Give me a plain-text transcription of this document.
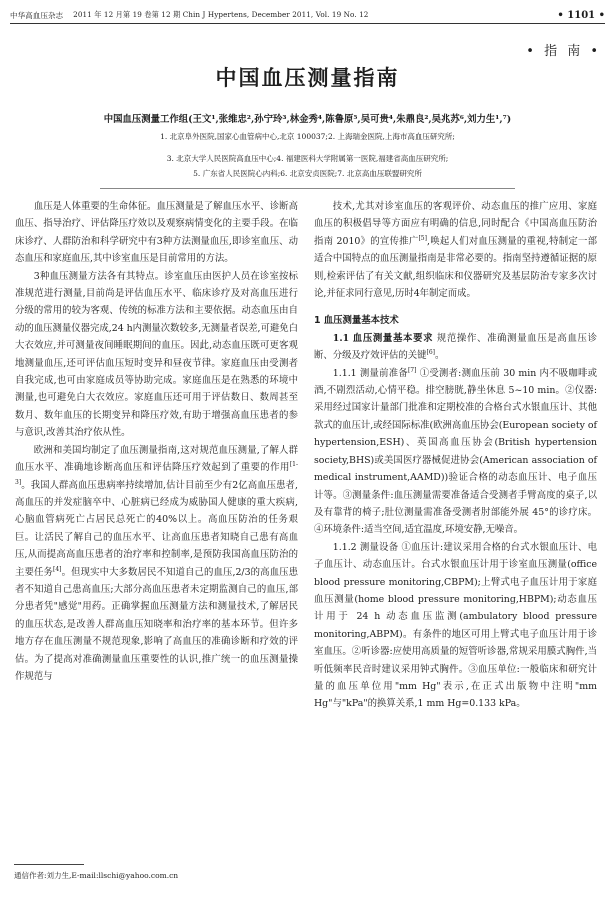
中华高血压杂志 2011 年 12 月第 19 卷第 12 期 Chin J Hypertens, December 2011, Vol. 19 No. 12	• 1101 •
• 指 南 •
中国血压测量指南
中国血压测量工作组(王文¹,张维忠²,孙宁玲³,林金秀⁴,陈鲁原⁵,吴可贵⁴,朱鼎良²,吴兆苏⁶,刘力生¹,⁷)
1. 北京阜外医院,国家心血管病中心,北京 100037;2. 上海瑞金医院,上海市高血压研究所;
3. 北京大学人民医院高血压中心;4. 福建医科大学附属第一医院,福建省高血压研究所;
5. 广东省人民医院心内科;6. 北京安贞医院;7. 北京高血压联盟研究所

血压是人体重要的生命体征。血压测量是了解血压水平、诊断高血压、指导治疗、评估降压疗效以及观察病情变化的主要手段。在临床诊疗、人群防治和科学研究中有3种方法测量血压,即诊室血压、动态血压和家庭血压,其中诊室血压是目前常用的方法。

3种血压测量方法各有其特点。诊室血压由医护人员在诊室按标准规范进行测量,目前尚是评估血压水平、临床诊疗及对高血压进行分级的常用的较为客观、传统的标准方法和主要依据。动态血压由自动的血压测量仪器完成,24 h内测量次数较多,无测量者误差,可避免白大衣效应,并可测量夜间睡眠期间的血压。因此,动态血压既可更客观地测量血压,还可评估血压短时变异和昼夜节律。家庭血压由受测者自我完成,也可由家庭成员等协助完成。家庭血压是在熟悉的环境中测量,也可避免白大衣效应。家庭血压还可用于评估数日、数周甚至数月、数年血压的长期变异和降压疗效,有助于增强高血压患者的参与意识,改善其治疗依从性。

欧洲和美国均制定了血压测量指南,这对规范血压测量,了解人群血压水平、准确地诊断高血压和评估降压疗效起到了重要的作用[1-3]。我国人群高血压患病率持续增加,估计目前至少有2亿高血压患者,高血压的并发症脑卒中、心脏病已经成为威胁国人健康的重大疾病,心脑血管病死亡占居民总死亡的40%以上。高血压防治的任务艰巨。让活民了解自己的血压水平、让高血压患者知晓自己患有高血压,从而提高高血压患者的治疗率和控制率,是预防我国高血压防治的主要任务[4]。但现实中大多数居民不知道自己的血压,2/3的高血压患者不知道自己患高血压;大部分高血压患者未定期监测自己的血压,部分患者凭"感觉"用药。正确掌握血压测量方法和测量技术,了解居民的血压状态,是改善人群高血压知晓率和治疗率的基本环节。但许多地方存在血压测量不规范现象,影响了高血压的准确诊断和疗效的评估。为了提高对准确测量血压重要性的认识,推广统一的血压测量操作规范与

技术,尤其对诊室血压的客观评价、动态血压的推广应用、家庭血压的积极倡导等方面应有明确的信息,同时配合《中国高血压防治指南 2010》的宣传推广[5],唤起人们对血压测量的重视,特制定一部适合中国特点的血压测量指南是非常必要的。指南坚持遵循证据的原则,检索评估了有关文献,组织临床和仪器研究及基层防治专家多次讨论,并征求同行意见,历时4年制定而成。

1 血压测量基本技术

1.1 血压测量基本要求 规范操作、准确测量血压是高血压诊断、分级及疗效评估的关键[6]。

1.1.1 测量前准备[7] ①受测者:测血压前 30 min 内不吸咖啡或酒,不剧烈活动,心情平稳。排空膀胱,静坐休息 5~10 min。②仪器:采用经过国家计量部门批准和定期校准的合格台式水银血压计、其他款式的血压计,或经国际标准(欧洲高血压协会(European society of hypertension,ESH)、英国高血压协会(British hypertension society,BHS)或美国医疗器械促进协会(American association of medical instrument,AAMD))验证合格的动态血压计、电子血压计等。③测量条件:血压测量需要准备适合受测者手臂高度的桌子,以及有靠背的椅子;肚位测量需准备受测者肘部能外展 45°的诊疗床。④环境条件:适当空间,适宜温度,环境安静,无噪音。

1.1.2 测量设备 ①血压计:建议采用合格的台式水银血压计、电子血压计、动态血压计。台式水银血压计用于诊室血压测量(office blood pressure monitoring,CBPM);上臂式电子血压计用于家庭血压测量(home blood pressure monitoring,HBPM);动态血压计用于 24 h 动态血压监测(ambulatory blood pressure monitoring,ABPM)。有条件的地区可用上臂式电子血压计用于诊室血压。②听诊器:应使用高质量的短管听诊器,常规采用膜式胸件,当听低频率民音时建议采用钟式胸件。③血压单位:一般临床和研究计量的血压单位用"mm Hg"表示,在正式出版物中注明"mm Hg"与"kPa"的换算关系,1 mm Hg=0.133 kPa。

通信作者:刘力生,E-mail:llschi@yahoo.com.cn
